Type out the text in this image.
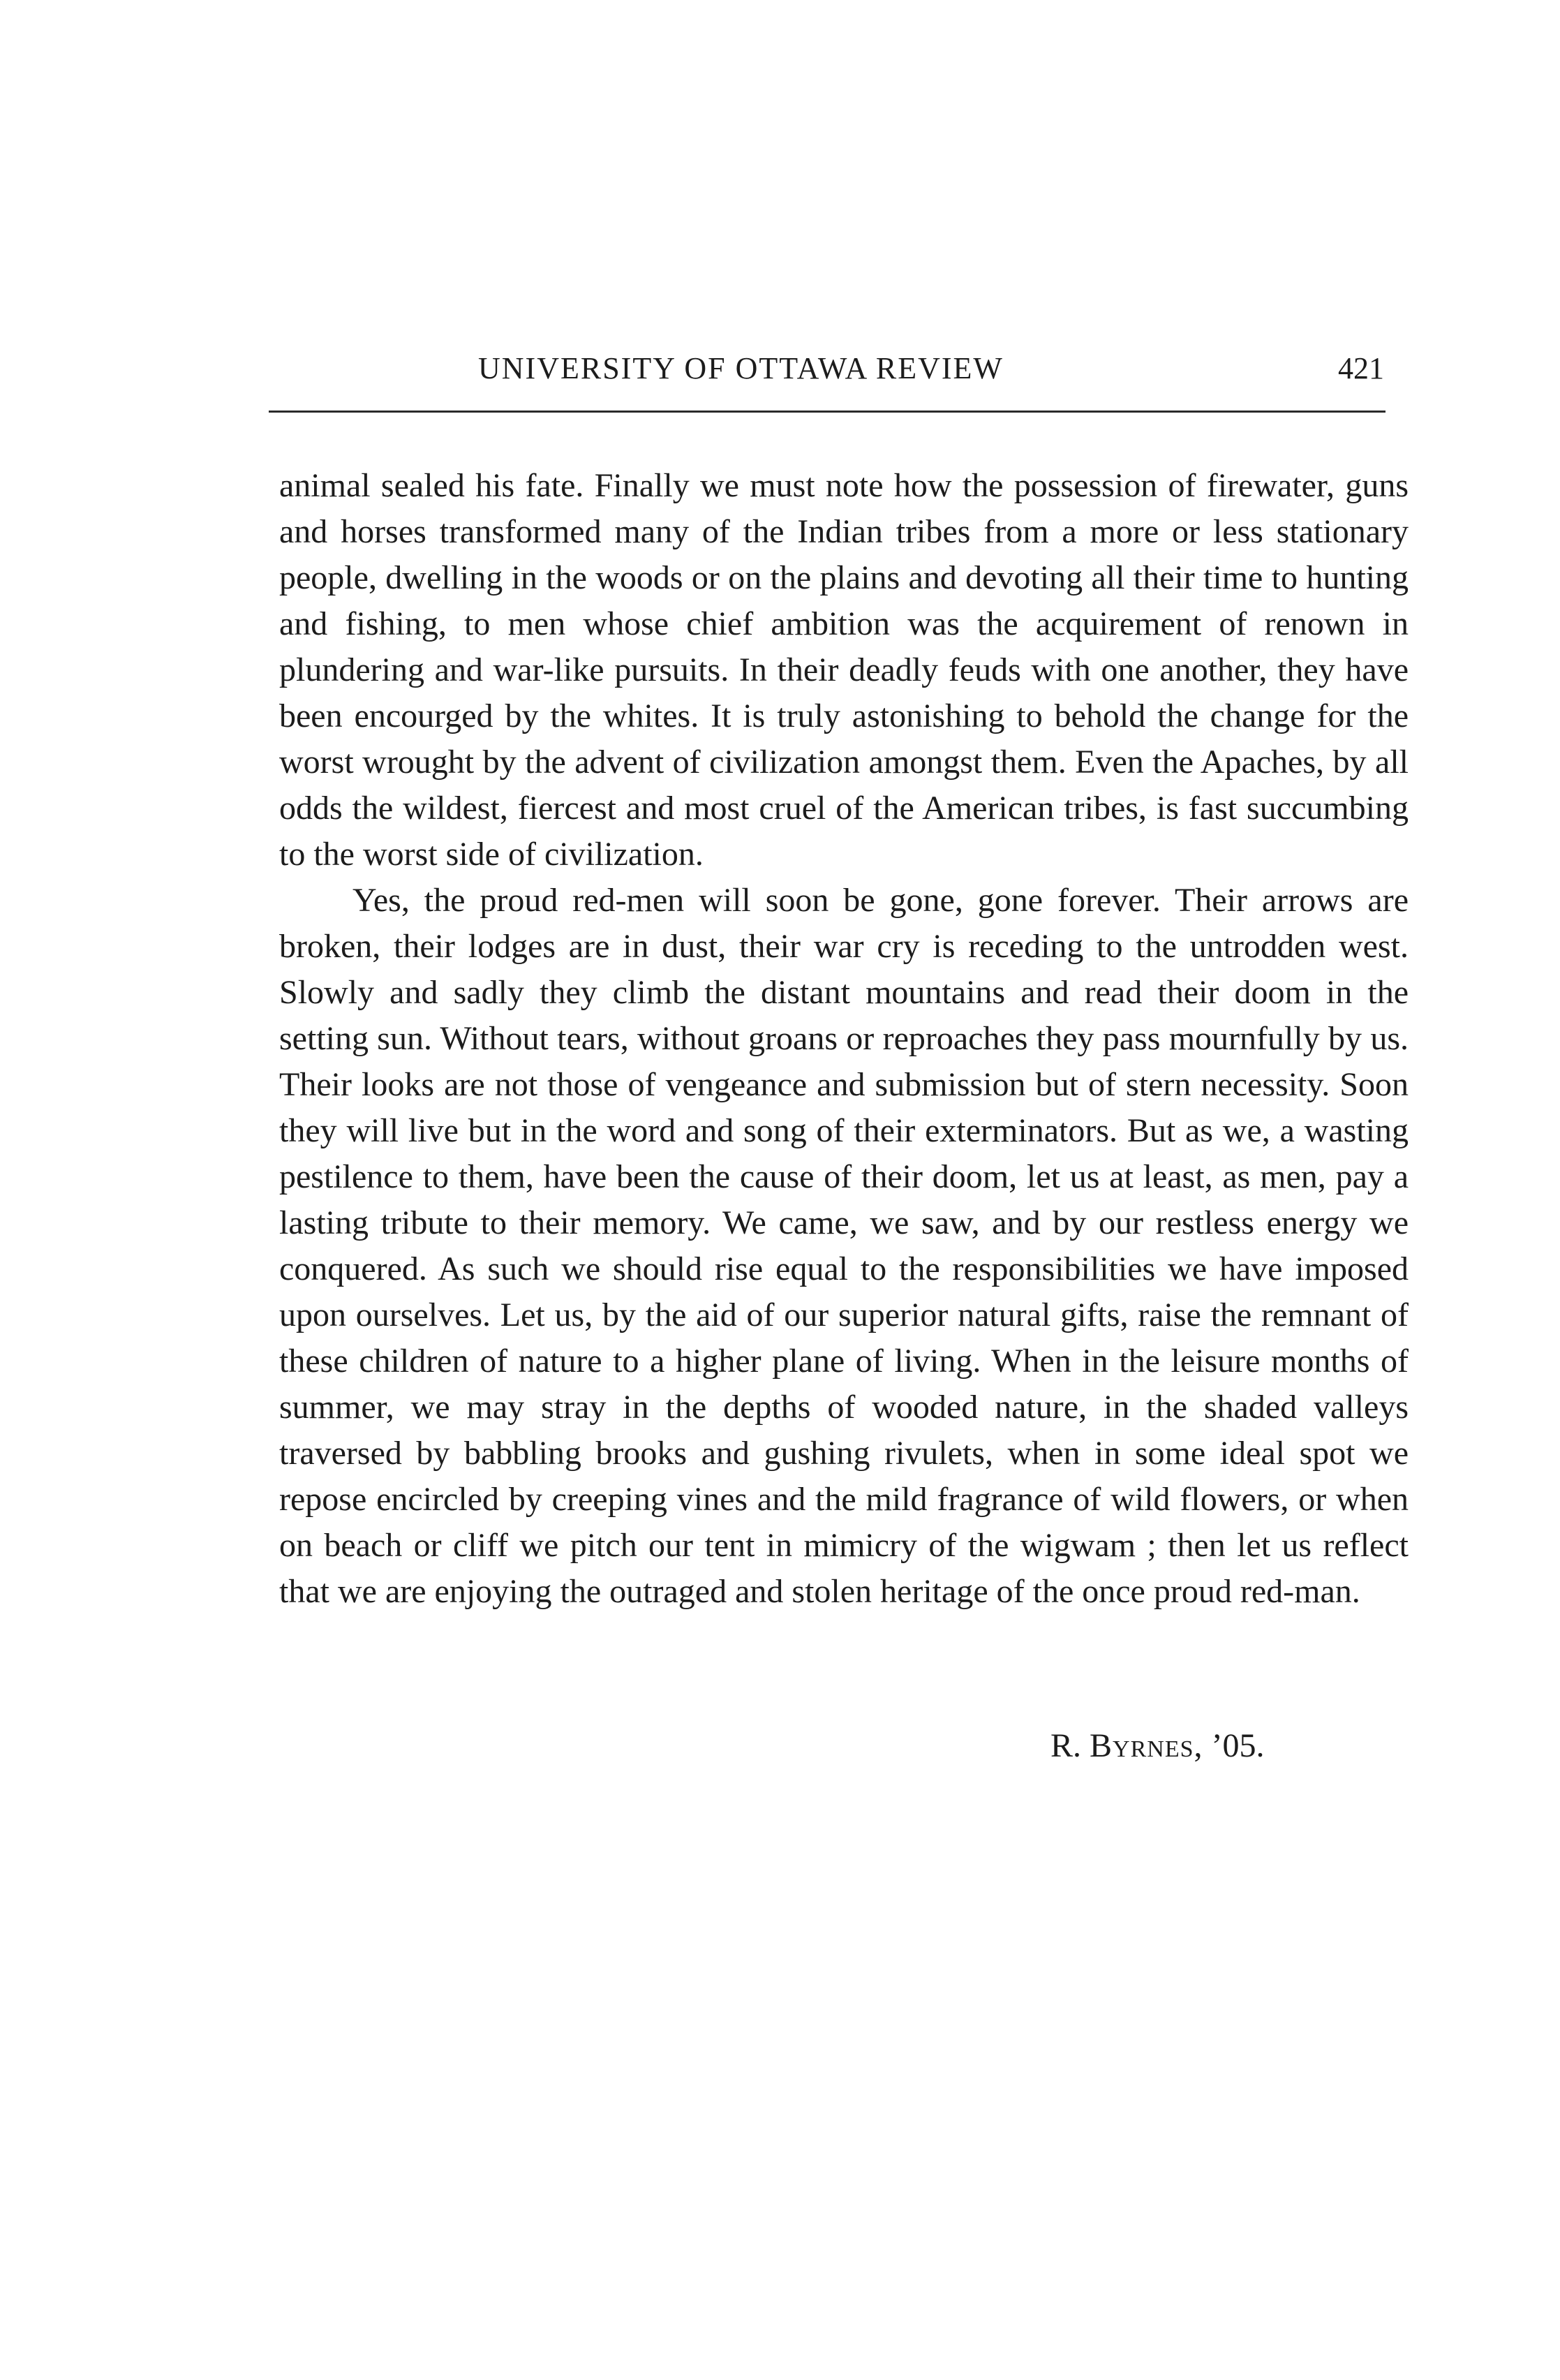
UNIVERSITY OF OTTAWA REVIEW	421

animal sealed his fate. Finally we must note how the possession of firewater, guns and horses transformed many of the Indian tribes from a more or less stationary people, dwelling in the woods or on the plains and devoting all their time to hunting and fishing, to men whose chief ambition was the acquirement of renown in plundering and war-like pursuits. In their deadly feuds with one another, they have been encourged by the whites. It is truly astonishing to behold the change for the worst wrought by the advent of civilization amongst them. Even the Apaches, by all odds the wildest, fiercest and most cruel of the American tribes, is fast succumbing to the worst side of civilization.

Yes, the proud red-men will soon be gone, gone forever. Their arrows are broken, their lodges are in dust, their war cry is receding to the untrodden west. Slowly and sadly they climb the distant mountains and read their doom in the setting sun. Without tears, without groans or reproaches they pass mournfully by us. Their looks are not those of vengeance and submission but of stern necessity. Soon they will live but in the word and song of their exterminators. But as we, a wasting pestilence to them, have been the cause of their doom, let us at least, as men, pay a lasting tribute to their memory. We came, we saw, and by our restless energy we conquered. As such we should rise equal to the responsibilities we have imposed upon ourselves. Let us, by the aid of our superior natural gifts, raise the remnant of these children of nature to a higher plane of living. When in the leisure months of summer, we may stray in the depths of wooded nature, in the shaded valleys traversed by babbling brooks and gushing rivulets, when in some ideal spot we repose encircled by creeping vines and the mild fragrance of wild flowers, or when on beach or cliff we pitch our tent in mimicry of the wigwam ; then let us reflect that we are enjoying the outraged and stolen heritage of the once proud red-man.

R. Byrnes, ’05.
